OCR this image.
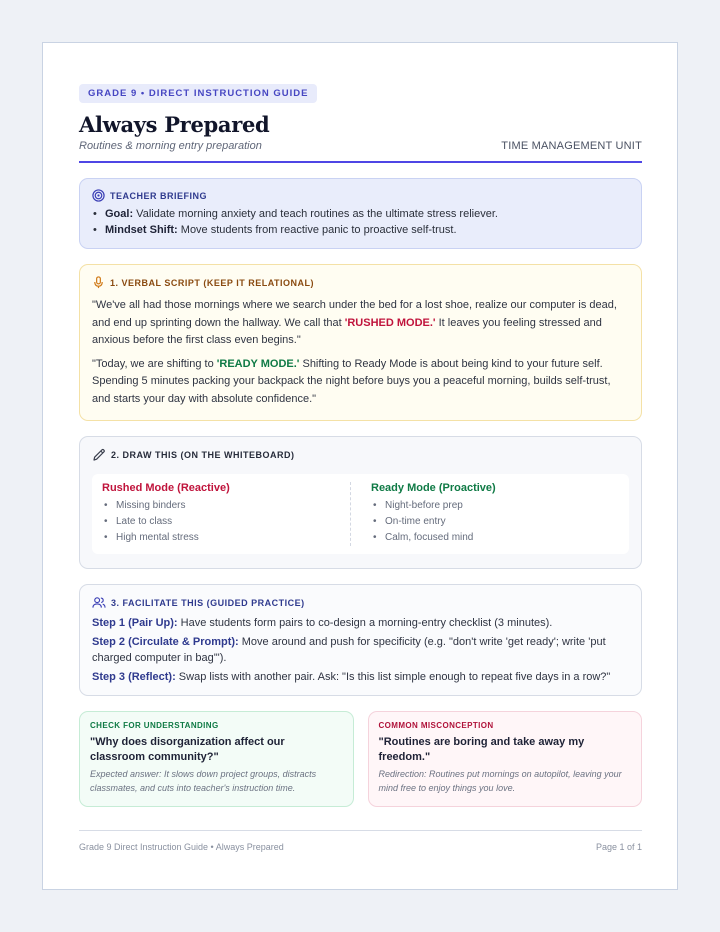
GRADE 9 • DIRECT INSTRUCTION GUIDE
Always Prepared
Routines & morning entry preparation	TIME MANAGEMENT UNIT
TEACHER BRIEFING
• Goal: Validate morning anxiety and teach routines as the ultimate stress reliever.
• Mindset Shift: Move students from reactive panic to proactive self-trust.
1. VERBAL SCRIPT (KEEP IT RELATIONAL)

"We've all had those mornings where we search under the bed for a lost shoe, realize our computer is dead, and end up sprinting down the hallway. We call that 'RUSHED MODE.' It leaves you feeling stressed and anxious before the first class even begins."

"Today, we are shifting to 'READY MODE.' Shifting to Ready Mode is about being kind to your future self. Spending 5 minutes packing your backpack the night before buys you a peaceful morning, builds self-trust, and starts your day with absolute confidence."

2. DRAW THIS (ON THE WHITEBOARD)
Rushed Mode (Reactive)
• Missing binders
• Late to class
• High mental stress
Ready Mode (Proactive)
• Night-before prep
• On-time entry
• Calm, focused mind
3. FACILITATE THIS (GUIDED PRACTICE)

Step 1 (Pair Up): Have students form pairs to co-design a morning-entry checklist (3 minutes).

Step 2 (Circulate & Prompt): Move around and push for specificity (e.g. "don't write 'get ready'; write 'put charged computer in bag'").

Step 3 (Reflect): Swap lists with another pair. Ask: "Is this list simple enough to repeat five days in a row?"

CHECK FOR UNDERSTANDING
"Why does disorganization affect our classroom community?"
Expected answer: It slows down project groups, distracts classmates, and cuts into teacher's instruction time.
COMMON MISCONCEPTION
"Routines are boring and take away my freedom."
Redirection: Routines put mornings on autopilot, leaving your mind free to enjoy things you love.
Grade 9 Direct Instruction Guide • Always Prepared	Page 1 of 1
